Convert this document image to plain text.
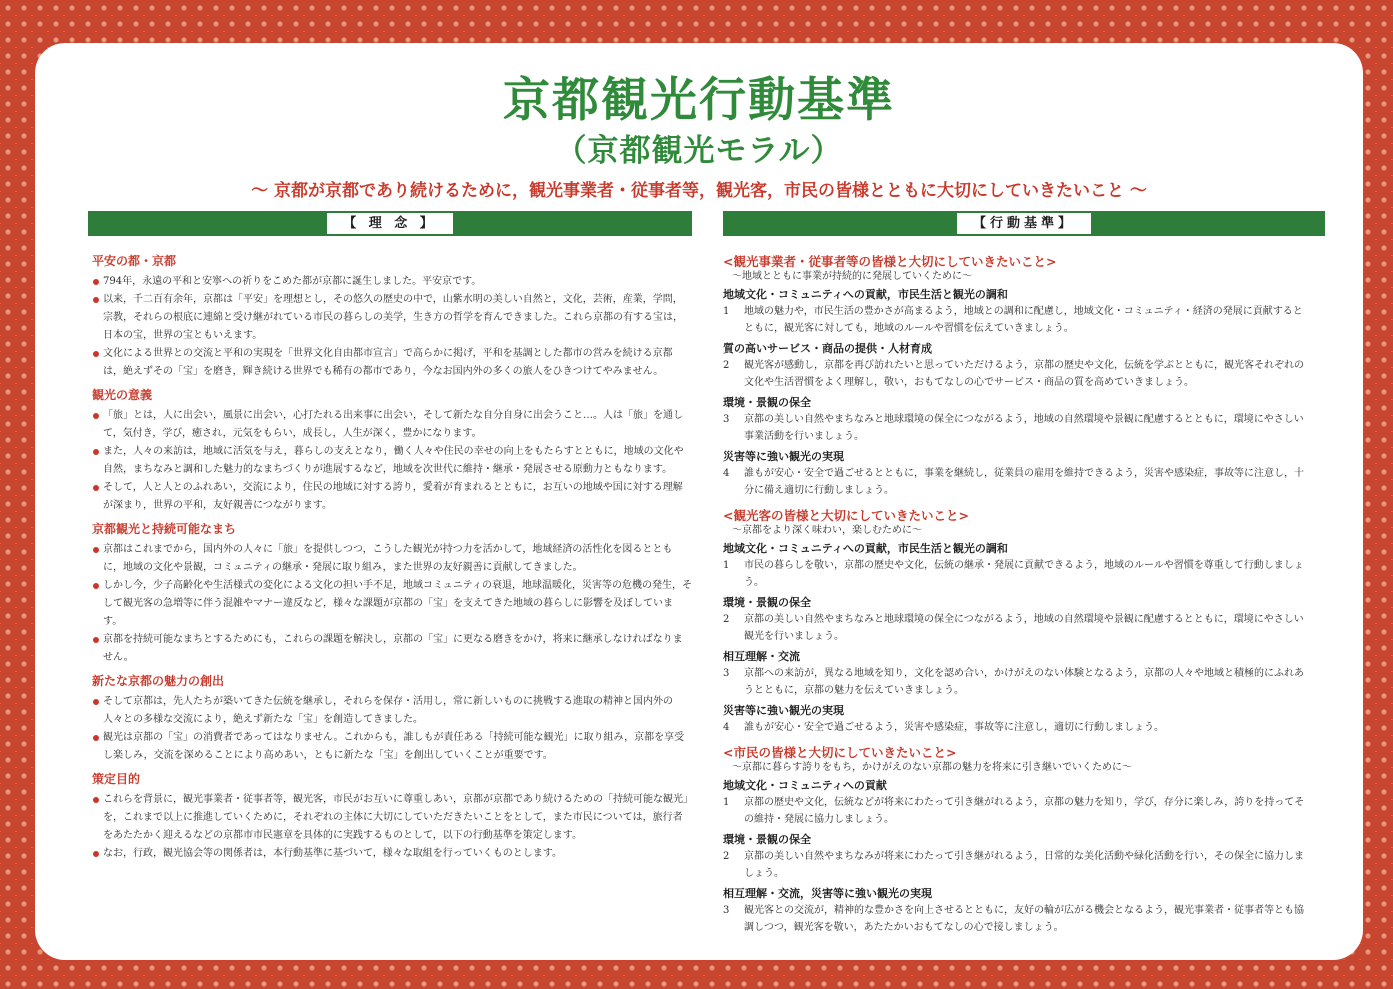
京都観光行動基準
（京都観光モラル）
〜 京都が京都であり続けるために，観光事業者・従事者等，観光客，市民の皆様とともに大切にしていきたいこと 〜
【 理 念 】	【行動基準】
平安の都・京都

794年，永遠の平和と安寧への祈りをこめた都が京都に誕生しました。平安京です。

以来，千二百有余年，京都は「平安」を理想とし，その悠久の歴史の中で，山紫水明の美しい自然と，文化，芸術，産業，学問，宗教，それらの根底に連綿と受け継がれている市民の暮らしの美学，生き方の哲学を育んできました。これら京都の有する宝は，日本の宝，世界の宝ともいえます。

文化による世界との交流と平和の実現を「世界文化自由都市宣言」で高らかに掲げ，平和を基調とした都市の営みを続ける京都は，絶えずその「宝」を磨き，輝き続ける世界でも稀有の都市であり，今なお国内外の多くの旅人をひきつけてやみません。

観光の意義

「旅」とは，人に出会い，風景に出会い，心打たれる出来事に出会い，そして新たな自分自身に出会うこと…。人は「旅」を通して，気付き，学び，癒され，元気をもらい，成長し，人生が深く，豊かになります。

また，人々の来訪は，地域に活気を与え，暮らしの支えとなり，働く人々や住民の幸せの向上をもたらすとともに，地域の文化や自然，まちなみと調和した魅力的なまちづくりが進展するなど，地域を次世代に維持・継承・発展させる原動力ともなります。

そして，人と人とのふれあい，交流により，住民の地域に対する誇り，愛着が育まれるとともに，お互いの地域や国に対する理解が深まり，世界の平和，友好親善につながります。

京都観光と持続可能なまち

京都はこれまでから，国内外の人々に「旅」を提供しつつ，こうした観光が持つ力を活かして，地域経済の活性化を図るとともに，地域の文化や景観，コミュニティの継承・発展に取り組み，また世界の友好親善に貢献してきました。

しかし今，少子高齢化や生活様式の変化による文化の担い手不足，地域コミュニティの衰退，地球温暖化，災害等の危機の発生，そして観光客の急増等に伴う混雑やマナー違反など，様々な課題が京都の「宝」を支えてきた地域の暮らしに影響を及ぼしています。

京都を持続可能なまちとするためにも，これらの課題を解決し，京都の「宝」に更なる磨きをかけ，将来に継承しなければなりません。

新たな京都の魅力の創出

そして京都は，先人たちが築いてきた伝統を継承し，それらを保存・活用し，常に新しいものに挑戦する進取の精神と国内外の人々との多様な交流により，絶えず新たな「宝」を創造してきました。

観光は京都の「宝」の消費者であってはなりません。これからも，誰しもが責任ある「持続可能な観光」に取り組み，京都を享受し楽しみ，交流を深めることにより高めあい，ともに新たな「宝」を創出していくことが重要です。

策定目的

これらを背景に，観光事業者・従事者等，観光客，市民がお互いに尊重しあい，京都が京都であり続けるための「持続可能な観光」を，これまで以上に推進していくために，それぞれの主体に大切にしていただきたいことをとして，また市民については，旅行者をあたたかく迎えるなどの京都市市民憲章を具体的に実践するものとして，以下の行動基準を策定します。

なお，行政，観光協会等の関係者は，本行動基準に基づいて，様々な取組を行っていくものとします。

<観光事業者・従事者等の皆様と大切にしていきたいこと>
〜地域とともに事業が持続的に発展していくために〜
地域文化・コミュニティへの貢献，市民生活と観光の調和
1	地域の魅力や，市民生活の豊かさが高まるよう，地域との調和に配慮し，地域文化・コミュニティ・経済の発展に貢献するとともに，観光客に対しても，地域のルールや習慣を伝えていきましょう。
質の高いサービス・商品の提供・人材育成
2	観光客が感動し，京都を再び訪れたいと思っていただけるよう，京都の歴史や文化，伝統を学ぶとともに，観光客それぞれの文化や生活習慣をよく理解し，敬い，おもてなしの心でサービス・商品の質を高めていきましょう。
環境・景観の保全
3	京都の美しい自然やまちなみと地球環境の保全につながるよう，地域の自然環境や景観に配慮するとともに，環境にやさしい事業活動を行いましょう。
災害等に強い観光の実現
4	誰もが安心・安全で過ごせるとともに，事業を継続し，従業員の雇用を維持できるよう，災害や感染症，事故等に注意し，十分に備え適切に行動しましょう。
<観光客の皆様と大切にしていきたいこと>
〜京都をより深く味わい，楽しむために〜
地域文化・コミュニティへの貢献，市民生活と観光の調和
1	市民の暮らしを敬い，京都の歴史や文化，伝統の継承・発展に貢献できるよう，地域のルールや習慣を尊重して行動しましょう。
環境・景観の保全
2	京都の美しい自然やまちなみと地球環境の保全につながるよう，地域の自然環境や景観に配慮するとともに，環境にやさしい観光を行いましょう。
相互理解・交流
3	京都への来訪が，異なる地域を知り，文化を認め合い，かけがえのない体験となるよう，京都の人々や地域と積極的にふれあうとともに，京都の魅力を伝えていきましょう。
災害等に強い観光の実現
4	誰もが安心・安全で過ごせるよう，災害や感染症，事故等に注意し，適切に行動しましょう。
<市民の皆様と大切にしていきたいこと>
〜京都に暮らす誇りをもち，かけがえのない京都の魅力を将来に引き継いでいくために〜
地域文化・コミュニティへの貢献
1	京都の歴史や文化，伝統などが将来にわたって引き継がれるよう，京都の魅力を知り，学び，存分に楽しみ，誇りを持ってその維持・発展に協力しましょう。
環境・景観の保全
2	京都の美しい自然やまちなみが将来にわたって引き継がれるよう，日常的な美化活動や緑化活動を行い，その保全に協力しましょう。
相互理解・交流，災害等に強い観光の実現
3	観光客との交流が，精神的な豊かさを向上させるとともに，友好の輪が広がる機会となるよう，観光事業者・従事者等とも協調しつつ，観光客を敬い，あたたかいおもてなしの心で接しましょう。
